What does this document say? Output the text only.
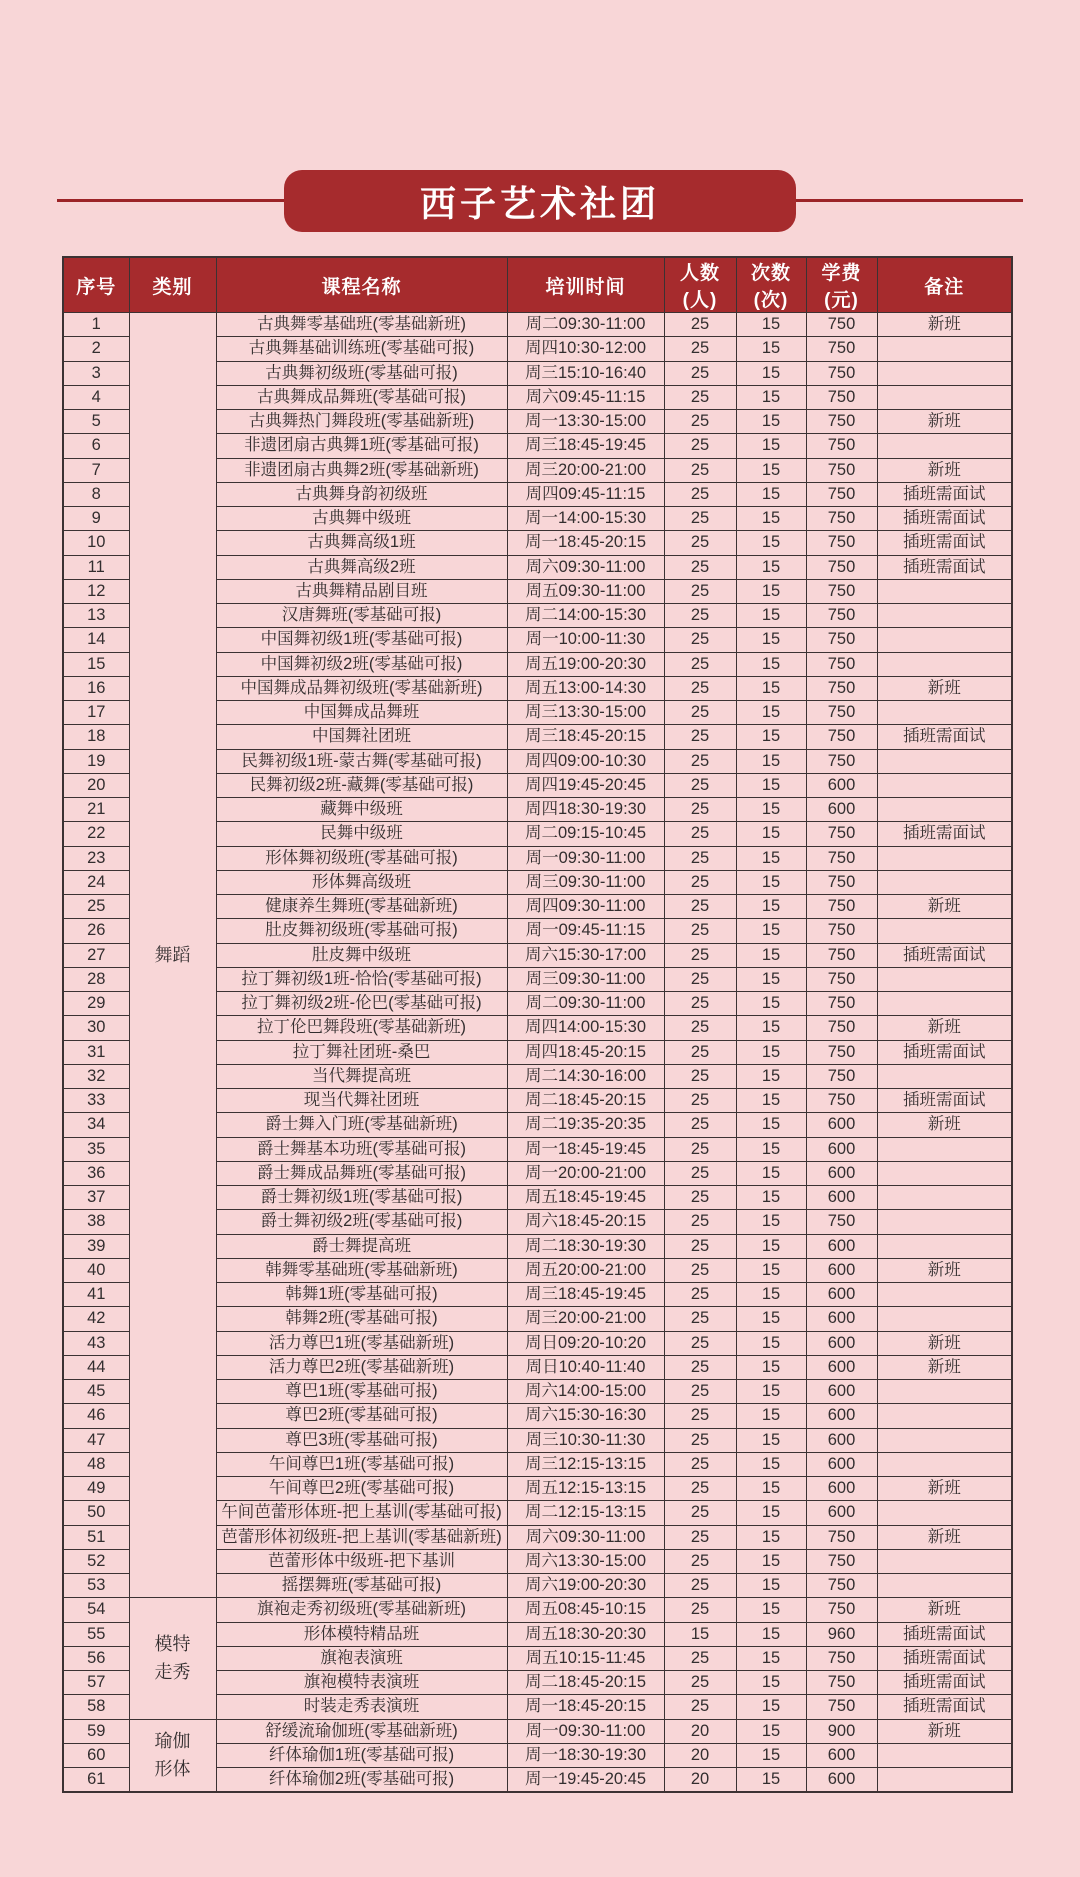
西子艺术社团
序号	类别	课程名称	培训时间	人数(人)	次数(次)	学费(元)	备注
1	舞蹈	古典舞零基础班(零基础新班)	周二09:30-11:00	25	15	750	新班
2		古典舞基础训练班(零基础可报)	周四10:30-12:00	25	15	750	
3		古典舞初级班(零基础可报)	周三15:10-16:40	25	15	750	
4		古典舞成品舞班(零基础可报)	周六09:45-11:15	25	15	750	
5		古典舞热门舞段班(零基础新班)	周一13:30-15:00	25	15	750	新班
6		非遗团扇古典舞1班(零基础可报)	周三18:45-19:45	25	15	750	
7		非遗团扇古典舞2班(零基础新班)	周三20:00-21:00	25	15	750	新班
8		古典舞身韵初级班	周四09:45-11:15	25	15	750	插班需面试
9		古典舞中级班	周一14:00-15:30	25	15	750	插班需面试
10		古典舞高级1班	周一18:45-20:15	25	15	750	插班需面试
11		古典舞高级2班	周六09:30-11:00	25	15	750	插班需面试
12		古典舞精品剧目班	周五09:30-11:00	25	15	750	
13		汉唐舞班(零基础可报)	周二14:00-15:30	25	15	750	
14		中国舞初级1班(零基础可报)	周一10:00-11:30	25	15	750	
15		中国舞初级2班(零基础可报)	周五19:00-20:30	25	15	750	
16		中国舞成品舞初级班(零基础新班)	周五13:00-14:30	25	15	750	新班
17		中国舞成品舞班	周三13:30-15:00	25	15	750	
18		中国舞社团班	周三18:45-20:15	25	15	750	插班需面试
19		民舞初级1班-蒙古舞(零基础可报)	周四09:00-10:30	25	15	750	
20		民舞初级2班-藏舞(零基础可报)	周四19:45-20:45	25	15	600	
21		藏舞中级班	周四18:30-19:30	25	15	600	
22		民舞中级班	周二09:15-10:45	25	15	750	插班需面试
23		形体舞初级班(零基础可报)	周一09:30-11:00	25	15	750	
24		形体舞高级班	周三09:30-11:00	25	15	750	
25		健康养生舞班(零基础新班)	周四09:30-11:00	25	15	750	新班
26		肚皮舞初级班(零基础可报)	周一09:45-11:15	25	15	750	
27		肚皮舞中级班	周六15:30-17:00	25	15	750	插班需面试
28		拉丁舞初级1班-恰恰(零基础可报)	周三09:30-11:00	25	15	750	
29		拉丁舞初级2班-伦巴(零基础可报)	周二09:30-11:00	25	15	750	
30		拉丁伦巴舞段班(零基础新班)	周四14:00-15:30	25	15	750	新班
31		拉丁舞社团班-桑巴	周四18:45-20:15	25	15	750	插班需面试
32		当代舞提高班	周二14:30-16:00	25	15	750	
33		现当代舞社团班	周二18:45-20:15	25	15	750	插班需面试
34		爵士舞入门班(零基础新班)	周二19:35-20:35	25	15	600	新班
35		爵士舞基本功班(零基础可报)	周一18:45-19:45	25	15	600	
36		爵士舞成品舞班(零基础可报)	周一20:00-21:00	25	15	600	
37		爵士舞初级1班(零基础可报)	周五18:45-19:45	25	15	600	
38		爵士舞初级2班(零基础可报)	周六18:45-20:15	25	15	750	
39		爵士舞提高班	周二18:30-19:30	25	15	600	
40		韩舞零基础班(零基础新班)	周五20:00-21:00	25	15	600	新班
41		韩舞1班(零基础可报)	周三18:45-19:45	25	15	600	
42		韩舞2班(零基础可报)	周三20:00-21:00	25	15	600	
43		活力尊巴1班(零基础新班)	周日09:20-10:20	25	15	600	新班
44		活力尊巴2班(零基础新班)	周日10:40-11:40	25	15	600	新班
45		尊巴1班(零基础可报)	周六14:00-15:00	25	15	600	
46		尊巴2班(零基础可报)	周六15:30-16:30	25	15	600	
47		尊巴3班(零基础可报)	周三10:30-11:30	25	15	600	
48		午间尊巴1班(零基础可报)	周三12:15-13:15	25	15	600	
49		午间尊巴2班(零基础可报)	周五12:15-13:15	25	15	600	新班
50		午间芭蕾形体班-把上基训(零基础可报)	周二12:15-13:15	25	15	600	
51		芭蕾形体初级班-把上基训(零基础新班)	周六09:30-11:00	25	15	750	新班
52		芭蕾形体中级班-把下基训	周六13:30-15:00	25	15	750	
53		摇摆舞班(零基础可报)	周六19:00-20:30	25	15	750	
54	模特走秀	旗袍走秀初级班(零基础新班)	周五08:45-10:15	25	15	750	新班
55		形体模特精品班	周五18:30-20:30	15	15	960	插班需面试
56		旗袍表演班	周五10:15-11:45	25	15	750	插班需面试
57		旗袍模特表演班	周二18:45-20:15	25	15	750	插班需面试
58		时装走秀表演班	周一18:45-20:15	25	15	750	插班需面试
59	瑜伽形体	舒缓流瑜伽班(零基础新班)	周一09:30-11:00	20	15	900	新班
60		纤体瑜伽1班(零基础可报)	周一18:30-19:30	20	15	600	
61		纤体瑜伽2班(零基础可报)	周一19:45-20:45	20	15	600	
